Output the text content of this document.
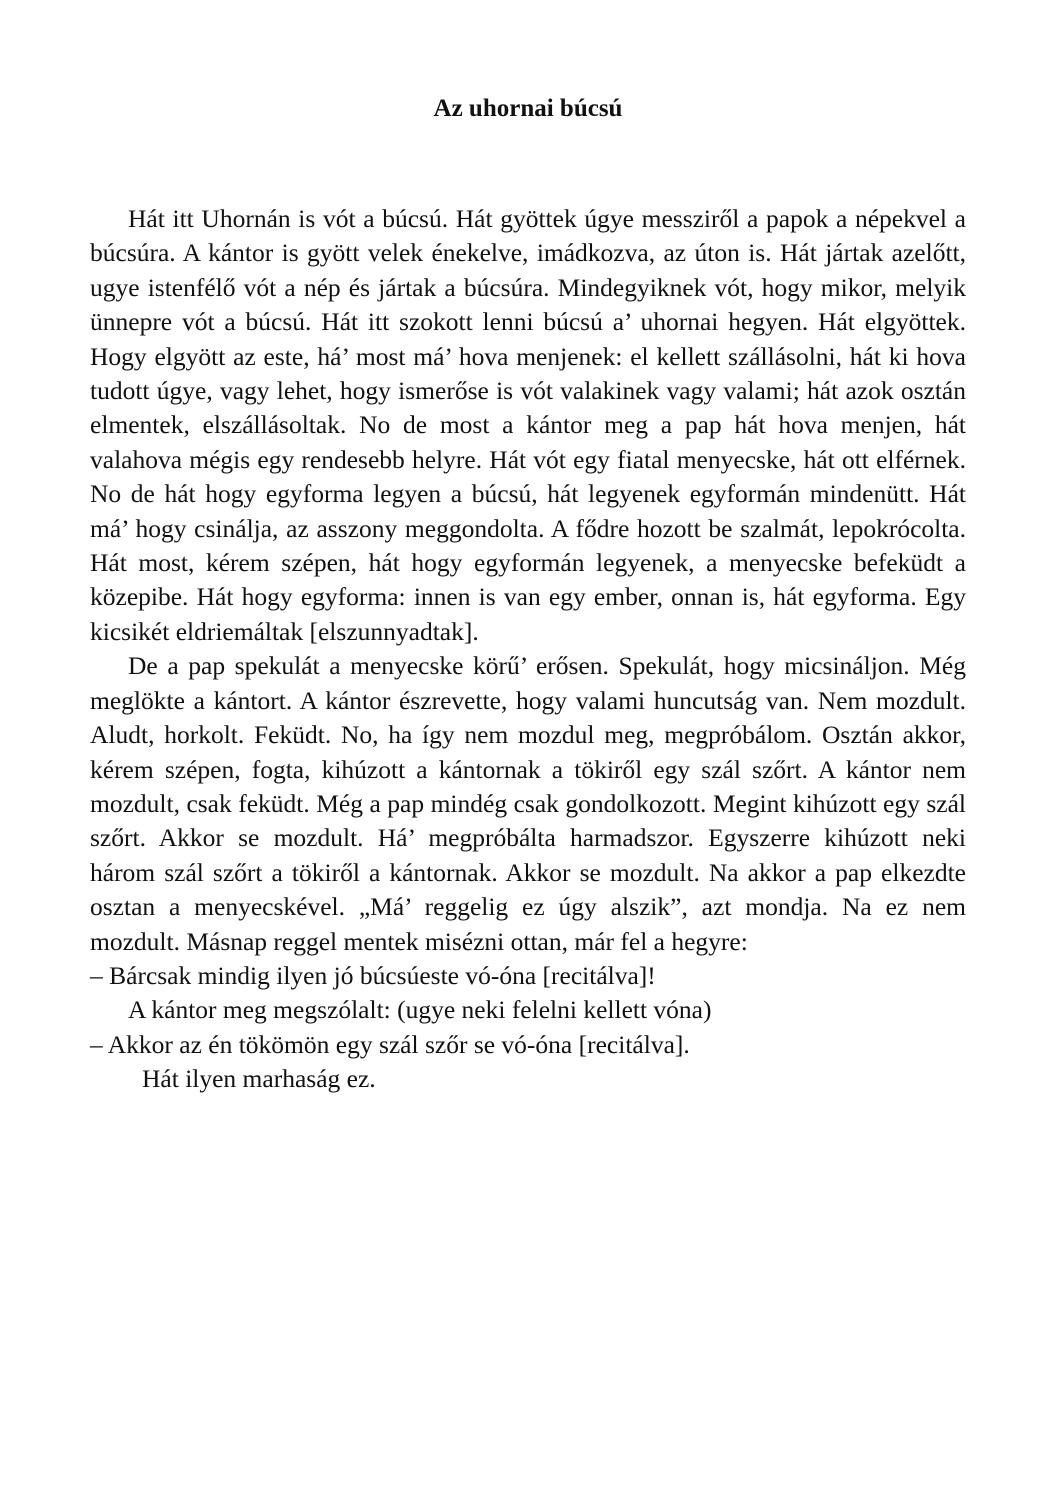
Az uhornai búcsú

Hát itt Uhornán is vót a búcsú. Hát gyöttek úgye messziről a papok a népekvel a búcsúra. A kántor is gyött velek énekelve, imádkozva, az úton is. Hát jártak azelőtt, ugye istenfélő vót a nép és jártak a búcsúra. Mindegyiknek vót, hogy mikor, melyik ünnepre vót a búcsú. Hát itt szokott lenni búcsú a’ uhornai hegyen. Hát elgyöttek. Hogy elgyött az este, há’ most má’ hova menjenek: el kellett szállásolni, hát ki hova tudott úgye, vagy lehet, hogy ismerőse is vót valakinek vagy valami; hát azok osztán elmentek, elszállásoltak. No de most a kántor meg a pap hát hova menjen, hát valahova mégis egy rendesebb helyre. Hát vót egy fiatal menyecske, hát ott elférnek. No de hát hogy egyforma legyen a búcsú, hát legyenek egyformán mindenütt. Hát má’ hogy csinálja, az asszony meggondolta. A fődre hozott be szalmát, lepokrócolta. Hát most, kérem szépen, hát hogy egyformán legyenek, a menyecske befeküdt a közepibe. Hát hogy egyforma: innen is van egy ember, onnan is, hát egyforma. Egy kicsikét eldriemáltak [elszunnyadtak].

De a pap spekulát a menyecske körű’ erősen. Spekulát, hogy micsináljon. Még meglökte a kántort. A kántor észrevette, hogy valami huncutság van. Nem mozdult. Aludt, horkolt. Feküdt. No, ha így nem mozdul meg, megpróbálom. Osztán akkor, kérem szépen, fogta, kihúzott a kántornak a tökiről egy szál szőrt. A kántor nem mozdult, csak feküdt. Még a pap mindég csak gondolkozott. Megint kihúzott egy szál szőrt. Akkor se mozdult. Há’ megpróbálta harmadszor. Egyszerre kihúzott neki három szál szőrt a tökiről a kántornak. Akkor se mozdult. Na akkor a pap elkezdte osztan a menyecskével. „Má’ reggelig ez úgy alszik”, azt mondja. Na ez nem mozdult. Másnap reggel mentek misézni ottan, már fel a hegyre:

– Bárcsak mindig ilyen jó búcsúeste vó-óna [recitálva]!

A kántor meg megszólalt: (ugye neki felelni kellett vóna)

– Akkor az én tökömön egy szál szőr se vó-óna [recitálva].

Hát ilyen marhaság ez.
